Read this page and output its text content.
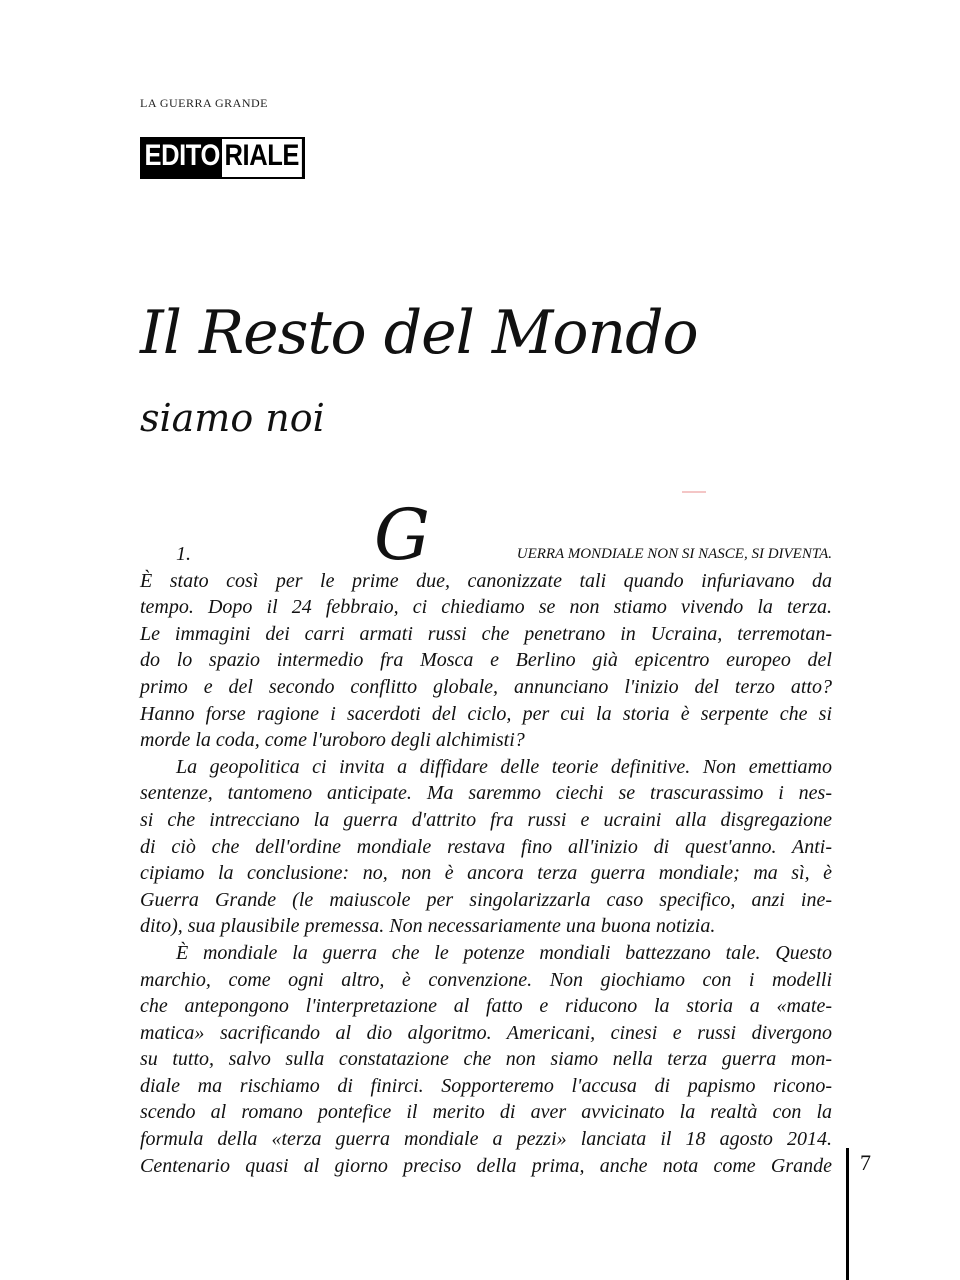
LA GUERRA GRANDE
EDITO RIALE
Il Resto del Mondo
siamo noi
G
1.	UERRA MONDIALE NON SI NASCE, SI DIVENTA.
È stato così per le prime due, canonizzate tali quando infuriavano da
tempo. Dopo il 24 febbraio, ci chiediamo se non stiamo vivendo la terza.
Le immagini dei carri armati russi che penetrano in Ucraina, terremotan-
do lo spazio intermedio fra Mosca e Berlino già epicentro europeo del
primo e del secondo conflitto globale, annunciano l'inizio del terzo atto?
Hanno forse ragione i sacerdoti del ciclo, per cui la storia è serpente che si
morde la coda, come l'uroboro degli alchimisti?
La geopolitica ci invita a diffidare delle teorie definitive. Non emettiamo
sentenze, tantomeno anticipate. Ma saremmo ciechi se trascurassimo i nes-
si che intrecciano la guerra d'attrito fra russi e ucraini alla disgregazione
di ciò che dell'ordine mondiale restava fino all'inizio di quest'anno. Anti-
cipiamo la conclusione: no, non è ancora terza guerra mondiale; ma sì, è
Guerra Grande (le maiuscole per singolarizzarla caso specifico, anzi ine-
dito), sua plausibile premessa. Non necessariamente una buona notizia.
È mondiale la guerra che le potenze mondiali battezzano tale. Questo
marchio, come ogni altro, è convenzione. Non giochiamo con i modelli
che antepongono l'interpretazione al fatto e riducono la storia a «mate-
matica» sacrificando al dio algoritmo. Americani, cinesi e russi divergono
su tutto, salvo sulla constatazione che non siamo nella terza guerra mon-
diale ma rischiamo di finirci. Sopporteremo l'accusa di papismo ricono-
scendo al romano pontefice il merito di aver avvicinato la realtà con la
formula della «terza guerra mondiale a pezzi» lanciata il 18 agosto 2014.
Centenario quasi al giorno preciso della prima, anche nota come Grande 7
